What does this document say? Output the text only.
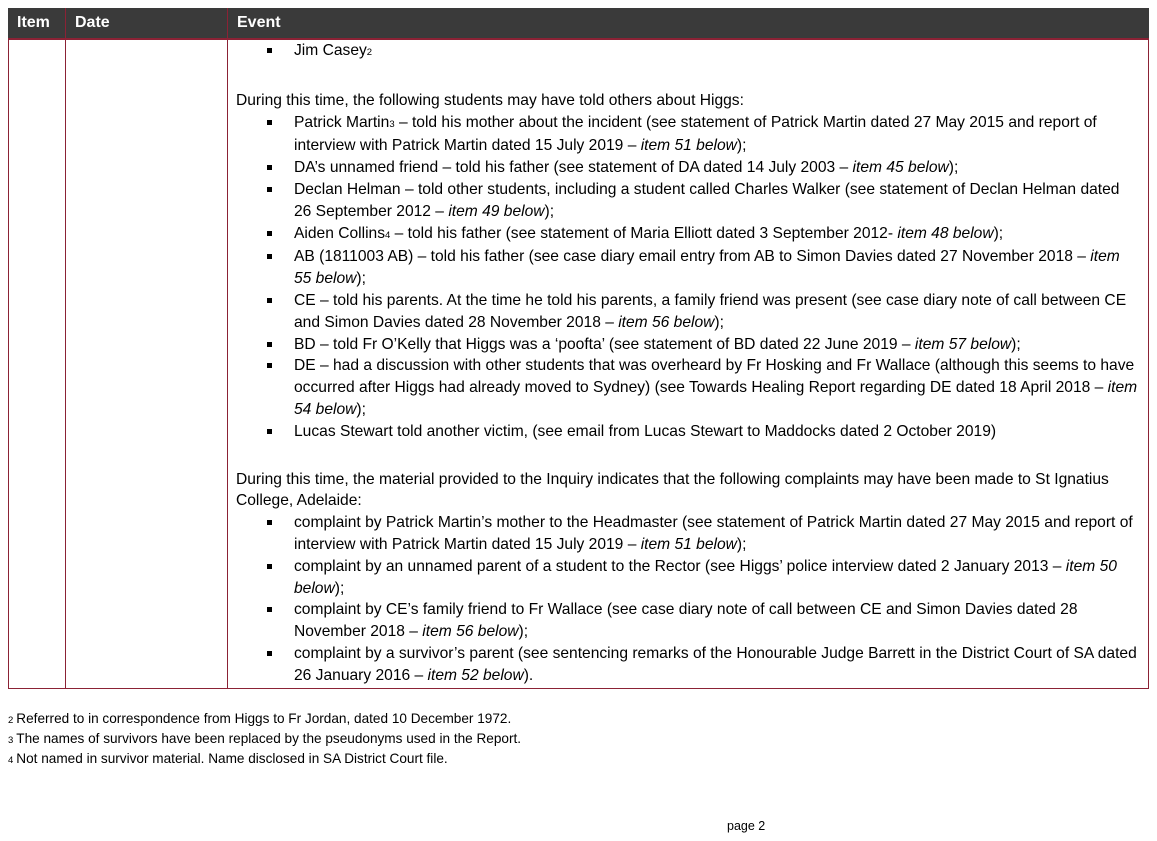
Item	Date	Event
Jim Casey2

During this time, the following students may have told others about Higgs:

Patrick Martin3 – told his mother about the incident (see statement of Patrick Martin dated 27 May 2015 and report of interview with Patrick Martin dated 15 July 2019 – item 51 below);
DA’s unnamed friend – told his father (see statement of DA dated 14 July 2003 – item 45 below);
Declan Helman – told other students, including a student called Charles Walker (see statement of Declan Helman dated 26 September 2012 – item 49 below);
Aiden Collins4 – told his father (see statement of Maria Elliott dated 3 September 2012- item 48 below);
AB (1811003 AB) – told his father (see case diary email entry from AB to Simon Davies dated 27 November 2018 – item 55 below);
CE – told his parents. At the time he told his parents, a family friend was present (see case diary note of call between CE and Simon Davies dated 28 November 2018 – item 56 below);
BD – told Fr O’Kelly that Higgs was a ‘poofta’ (see statement of BD dated 22 June 2019 – item 57 below);
DE – had a discussion with other students that was overheard by Fr Hosking and Fr Wallace (although this seems to have occurred after Higgs had already moved to Sydney) (see Towards Healing Report regarding DE dated 18 April 2018 – item 54 below);
Lucas Stewart told another victim, (see email from Lucas Stewart to Maddocks dated 2 October 2019)

During this time, the material provided to the Inquiry indicates that the following complaints may have been made to St Ignatius College, Adelaide:

complaint by Patrick Martin’s mother to the Headmaster (see statement of Patrick Martin dated 27 May 2015 and report of interview with Patrick Martin dated 15 July 2019 – item 51 below);
complaint by an unnamed parent of a student to the Rector (see Higgs’ police interview dated 2 January 2013 – item 50 below);
complaint by CE’s family friend to Fr Wallace (see case diary note of call between CE and Simon Davies dated 28 November 2018 – item 56 below);
complaint by a survivor’s parent (see sentencing remarks of the Honourable Judge Barrett in the District Court of SA dated 26 January 2016 – item 52 below).
2 Referred to in correspondence from Higgs to Fr Jordan, dated 10 December 1972.
3 The names of survivors have been replaced by the pseudonyms used in the Report.
4 Not named in survivor material. Name disclosed in SA District Court file.
page 2
